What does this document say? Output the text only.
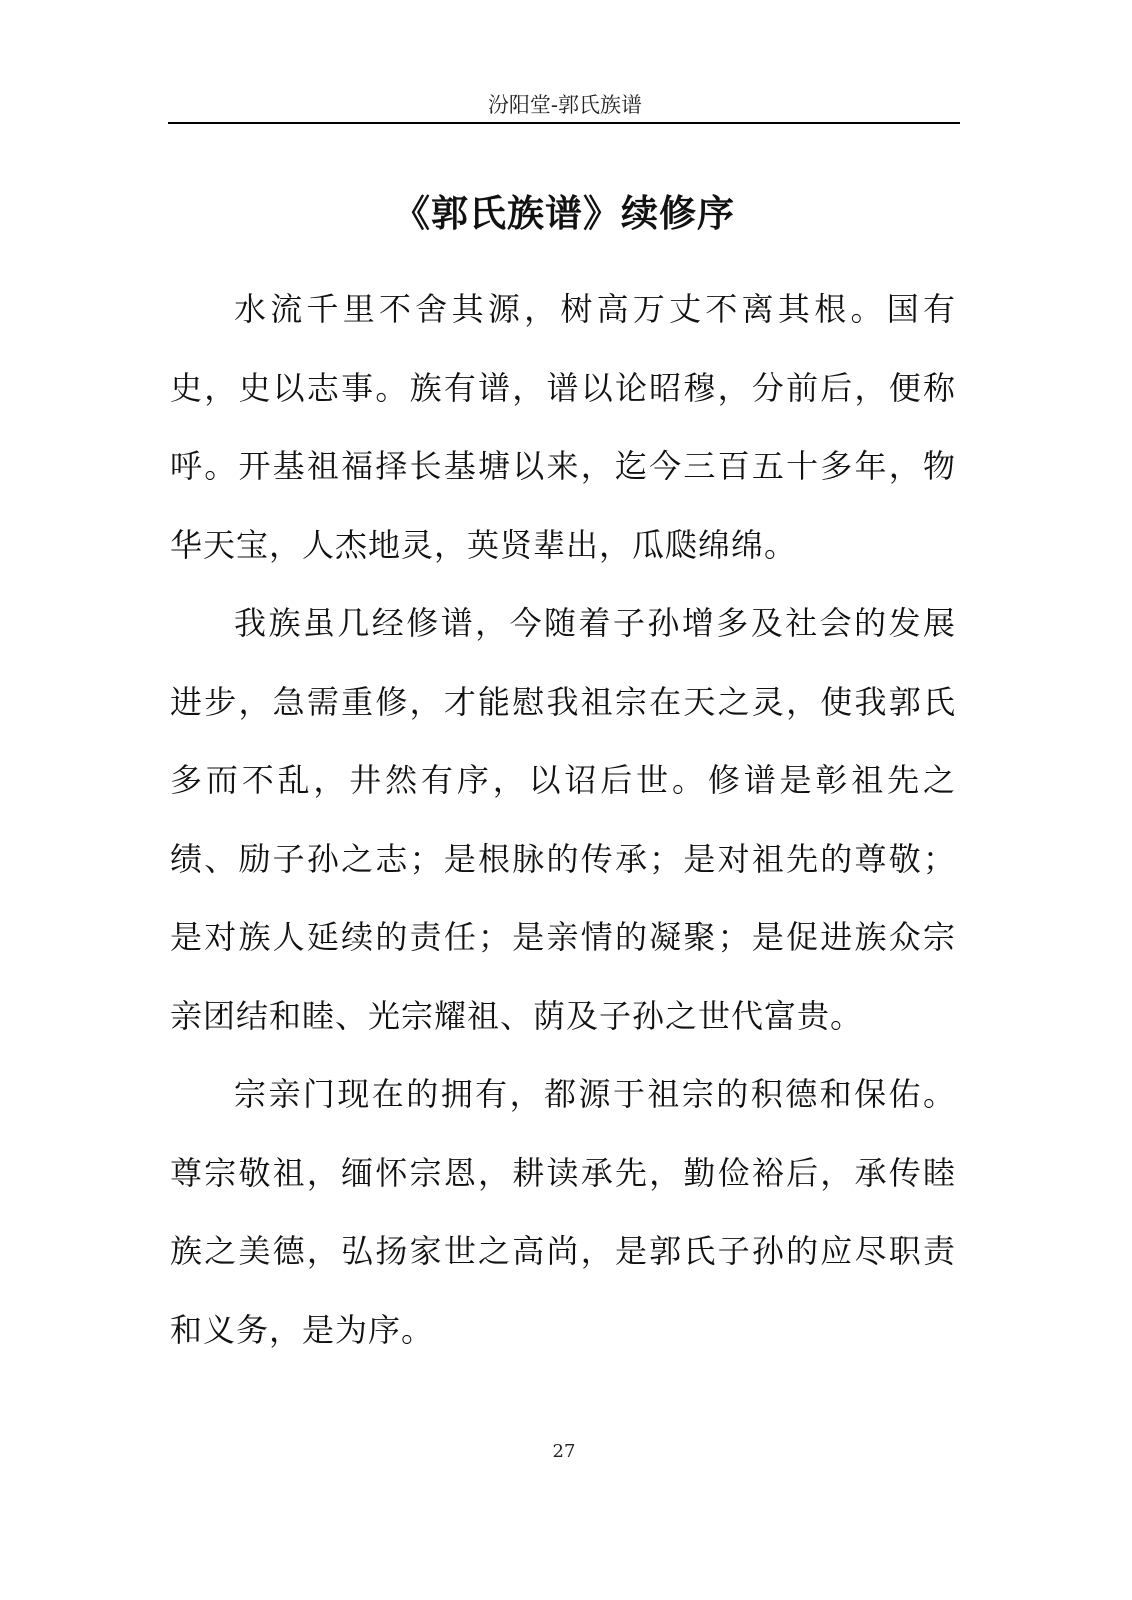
汾阳堂-郭氏族谱
《郭氏族谱》续修序

水流千里不舍其源，树高万丈不离其根。国有史，史以志事。族有谱，谱以论昭穆，分前后，便称呼。开基祖福择长基塘以来，迄今三百五十多年，物华天宝，人杰地灵，英贤辈出，瓜瓞绵绵。

我族虽几经修谱，今随着子孙增多及社会的发展进步，急需重修，才能慰我祖宗在天之灵，使我郭氏多而不乱，井然有序，以诏后世。修谱是彰祖先之绩、励子孙之志；是根脉的传承；是对祖先的尊敬；是对族人延续的责任；是亲情的凝聚；是促进族众宗亲团结和睦、光宗耀祖、荫及子孙之世代富贵。

宗亲门现在的拥有，都源于祖宗的积德和保佑。尊宗敬祖，缅怀宗恩，耕读承先，勤俭裕后，承传睦族之美德，弘扬家世之高尚，是郭氏子孙的应尽职责和义务，是为序。

27
